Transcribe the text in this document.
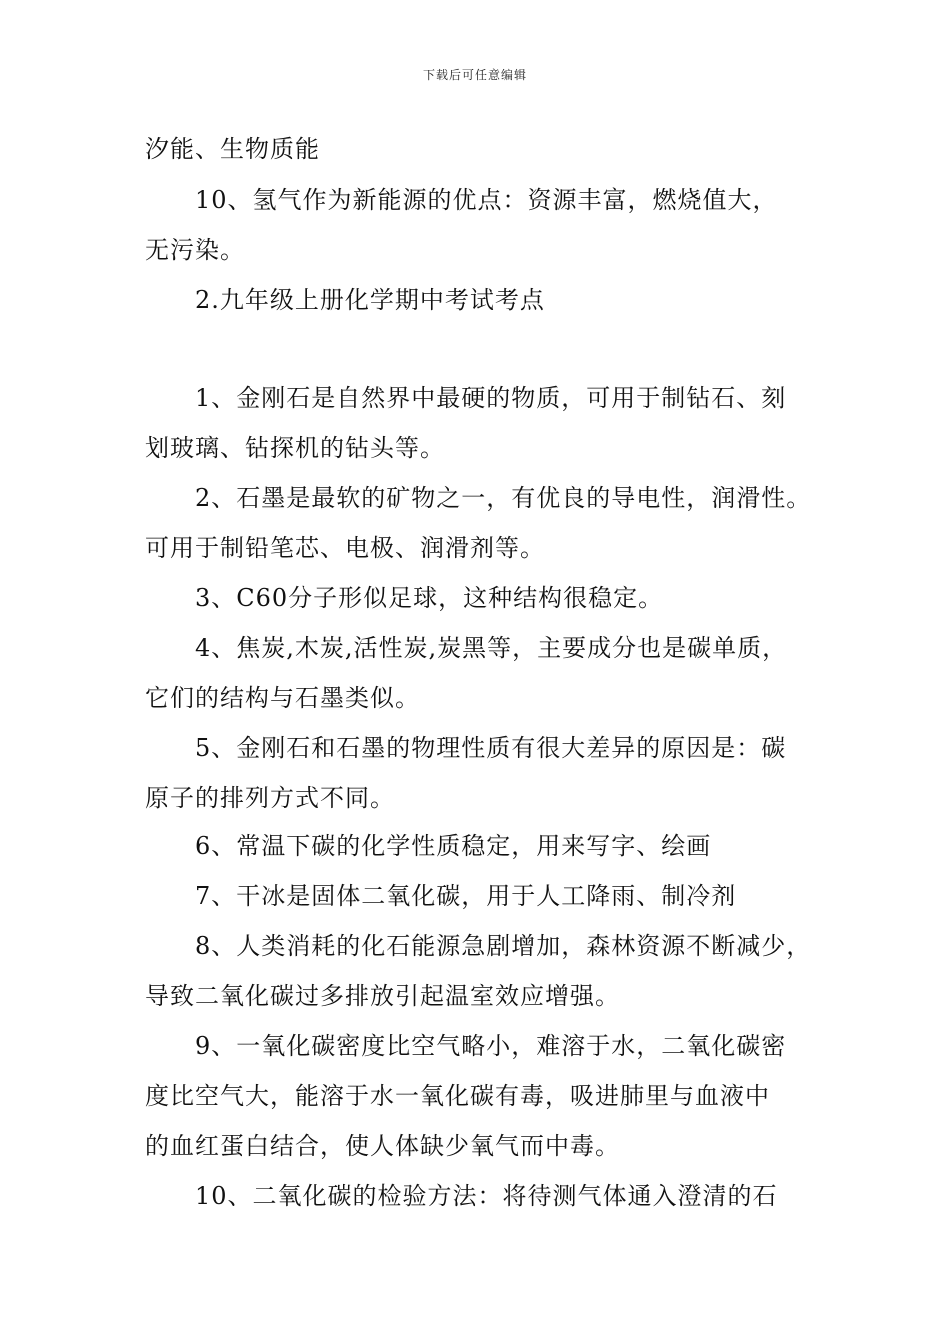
下载后可任意编辑
汐能、生物质能
10、氢气作为新能源的优点：资源丰富，燃烧值大，
无污染。
2.九年级上册化学期中考试考点
1、金刚石是自然界中最硬的物质，可用于制钻石、刻
划玻璃、钻探机的钻头等。
2、石墨是最软的矿物之一，有优良的导电性，润滑性。
可用于制铅笔芯、电极、润滑剂等。
3、C60分子形似足球，这种结构很稳定。
4、焦炭,木炭,活性炭,炭黑等，主要成分也是碳单质，
它们的结构与石墨类似。
5、金刚石和石墨的物理性质有很大差异的原因是：碳
原子的排列方式不同。
6、常温下碳的化学性质稳定，用来写字、绘画
7、干冰是固体二氧化碳，用于人工降雨、制冷剂
8、人类消耗的化石能源急剧增加，森林资源不断减少，
导致二氧化碳过多排放引起温室效应增强。
9、一氧化碳密度比空气略小，难溶于水，二氧化碳密
度比空气大，能溶于水一氧化碳有毒，吸进肺里与血液中
的血红蛋白结合，使人体缺少氧气而中毒。
10、二氧化碳的检验方法：将待测气体通入澄清的石
